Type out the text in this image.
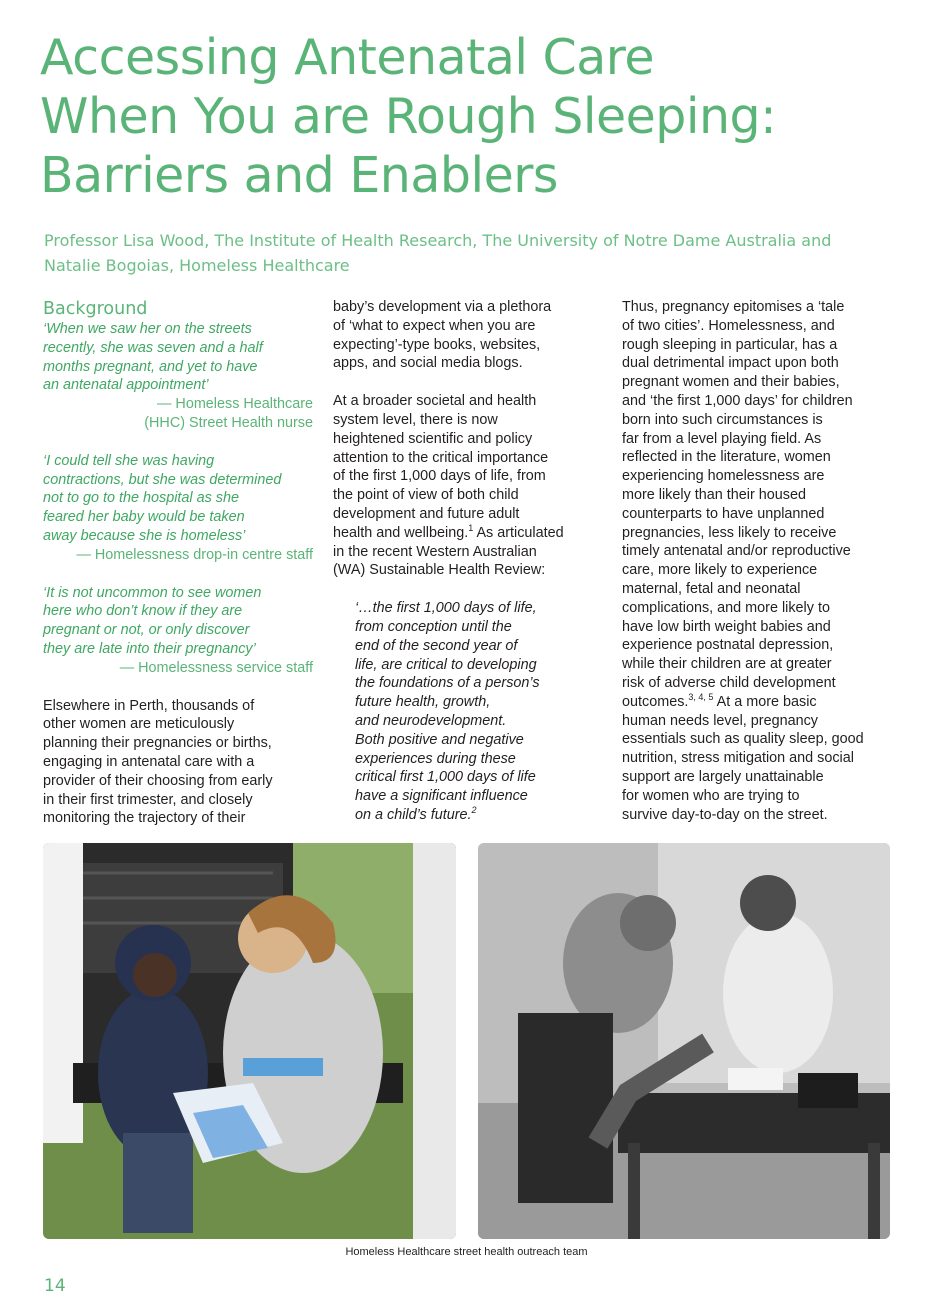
Accessing Antenatal Care
When You are Rough Sleeping:
Barriers and Enablers

Professor Lisa Wood, The Institute of Health Research, The University of Notre Dame Australia and
Natalie Bogoias, Homeless Healthcare

Background

‘When we saw her on the streets
recently, she was seven and a half
months pregnant, and yet to have
an antenatal appointment’

— Homeless Healthcare
(HHC) Street Health nurse

‘I could tell she was having
contractions, but she was determined
not to go to the hospital as she
feared her baby would be taken
away because she is homeless’

— Homelessness drop-in centre staff

‘It is not uncommon to see women
here who don’t know if they are
pregnant or not, or only discover
they are late into their pregnancy’

— Homelessness service staff

Elsewhere in Perth, thousands of
other women are meticulously
planning their pregnancies or births,
engaging in antenatal care with a
provider of their choosing from early
in their first trimester, and closely
monitoring the trajectory of their

baby’s development via a plethora
of ‘what to expect when you are
expecting’-type books, websites,
apps, and social media blogs.

At a broader societal and health
system level, there is now
heightened scientific and policy
attention to the critical importance
of the first 1,000 days of life, from
the point of view of both child
development and future adult
health and wellbeing.$^1$ As articulated
in the recent Western Australian
(WA) Sustainable Health Review:

‘…the first 1,000 days of life,
from conception until the
end of the second year of
life, are critical to developing
the foundations of a person’s
future health, growth,
and neurodevelopment.
Both positive and negative
experiences during these
critical first 1,000 days of life
have a significant influence
on a child’s future.$^2$

Thus, pregnancy epitomises a ‘tale
of two cities’. Homelessness, and
rough sleeping in particular, has a
dual detrimental impact upon both
pregnant women and their babies,
and ‘the first 1,000 days’ for children
born into such circumstances is
far from a level playing field. As
reflected in the literature, women
experiencing homelessness are
more likely than their housed
counterparts to have unplanned
pregnancies, less likely to receive
timely antenatal and/or reproductive
care, more likely to experience
maternal, fetal and neonatal
complications, and more likely to
have low birth weight babies and
experience postnatal depression,
while their children are at greater
risk of adverse child development
outcomes.$^{3, 4, 5}$ At a more basic
human needs level, pregnancy
essentials such as quality sleep, good
nutrition, stress mitigation and social
support are largely unattainable
for women who are trying to
survive day-to-day on the street.

Homeless Healthcare street health outreach team

14
